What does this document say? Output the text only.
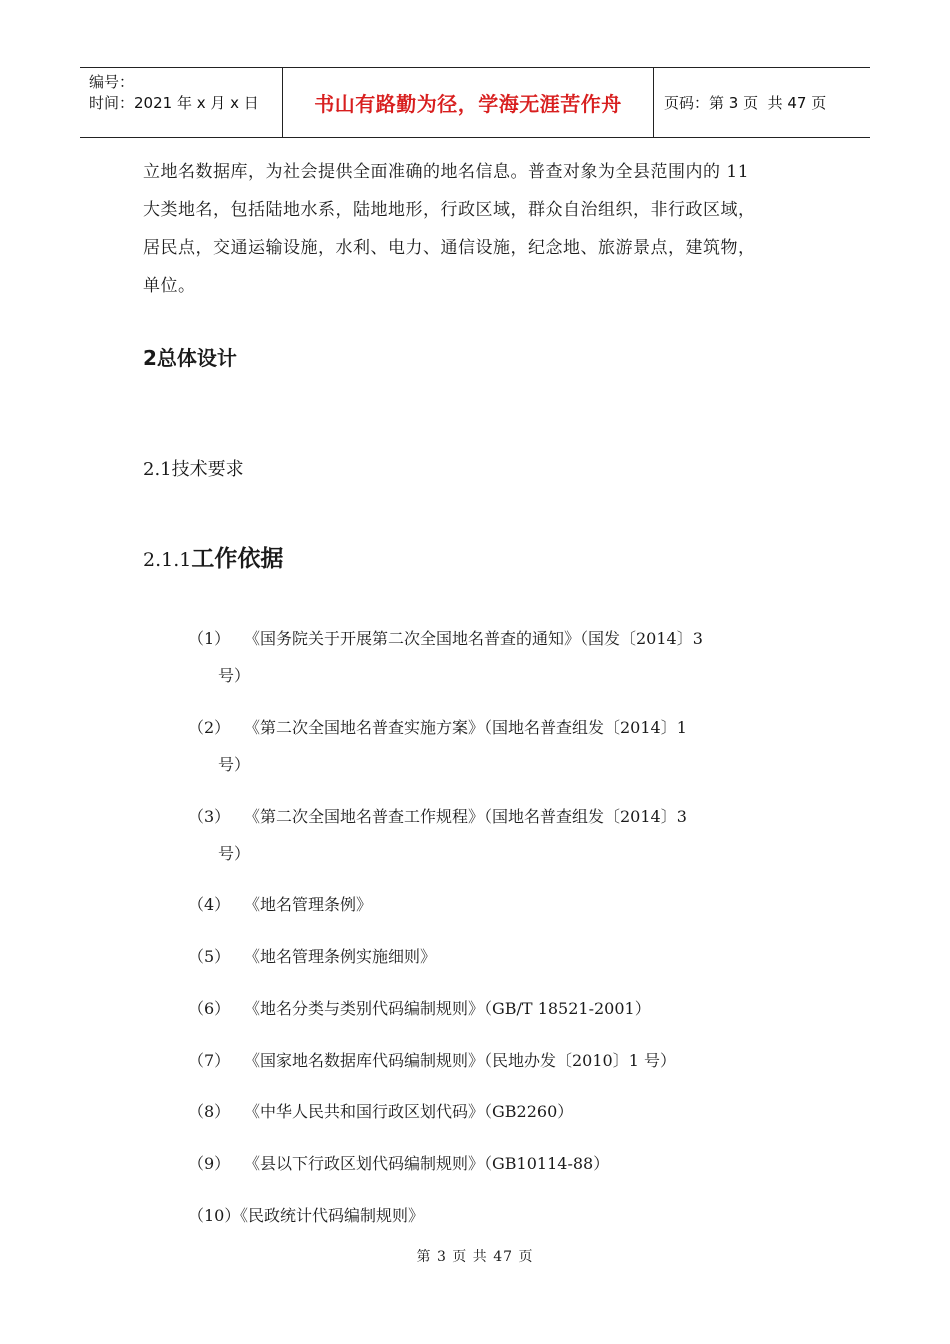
编号：
时间：2021 年 x 月 x 日	书山有路勤为径，学海无涯苦作舟	页码：第 3 页  共 47 页

立地名数据库，为社会提供全面准确的地名信息。普查对象为全县范围内的 11

大类地名，包括陆地水系，陆地地形，行政区域，群众自治组织，非行政区域，

居民点，交通运输设施，水利、电力、通信设施，纪念地、旅游景点，建筑物，

单位。

2总体设计
2.1技术要求
2.1.1工作依据
（1） 《国务院关于开展第二次全国地名普查的通知》（国发〔2014〕3
号）
（2） 《第二次全国地名普查实施方案》（国地名普查组发〔2014〕1
号）
（3） 《第二次全国地名普查工作规程》（国地名普查组发〔2014〕3
号）
（4） 《地名管理条例》
（5） 《地名管理条例实施细则》
（6） 《地名分类与类别代码编制规则》（GB/T 18521-2001）
（7） 《国家地名数据库代码编制规则》（民地办发〔2010〕1 号）
（8） 《中华人民共和国行政区划代码》（GB2260）
（9） 《县以下行政区划代码编制规则》（GB10114-88）
（10）《民政统计代码编制规则》
第 3 页 共 47 页
